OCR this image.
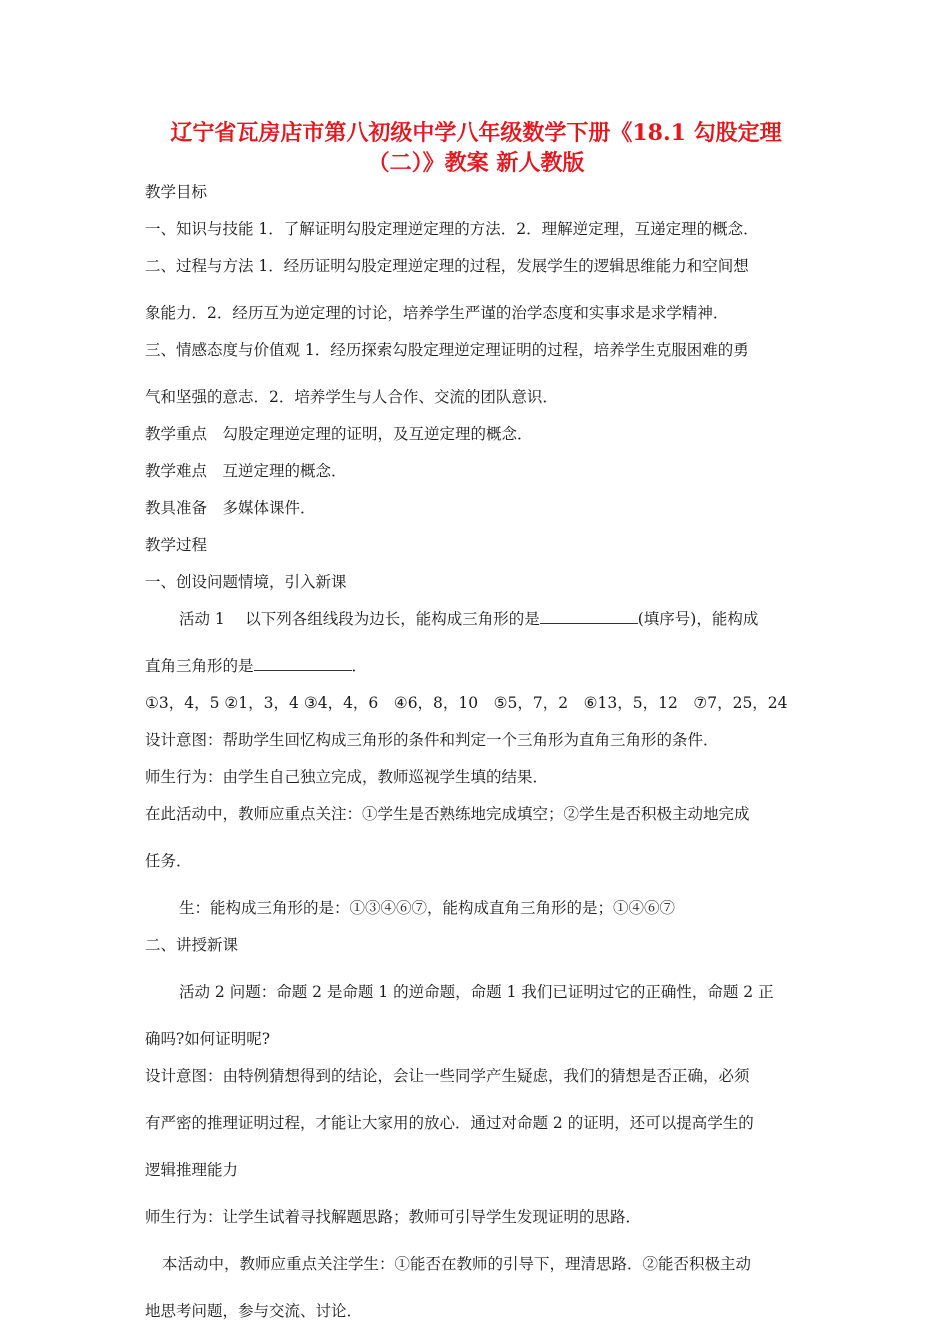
辽宁省瓦房店市第八初级中学八年级数学下册《18.1 勾股定理
（二）》教案 新人教版

教学目标

一、知识与技能 1．了解证明勾股定理逆定理的方法．2．理解逆定理，互递定理的概念．

二、过程与方法 1．经历证明勾股定理逆定理的过程，发展学生的逻辑思维能力和空间想

象能力．2．经历互为逆定理的讨论，培养学生严谨的治学态度和实事求是求学精神．

三、情感态度与价值观 1．经历探索勾股定理逆定理证明的过程，培养学生克服困难的勇

气和坚强的意志．2．培养学生与人合作、交流的团队意识．

教学重点　勾股定理逆定理的证明，及互逆定理的概念．

教学难点　互逆定理的概念．

教具准备　多媒体课件．

教学过程

一、创设问题情境，引入新课

活动 1　 以下列各组线段为边长，能构成三角形的是	(填序号)，能构成

直角三角形的是	．

①3，4，5 ②1，3，4 ③4，4，6　④6，8，10　⑤5，7，2　⑥13，5，12　⑦7，25，24

设计意图：帮助学生回忆构成三角形的条件和判定一个三角形为直角三角形的条件．

师生行为：由学生自己独立完成，教师巡视学生填的结果．

在此活动中，教师应重点关注：①学生是否熟练地完成填空；②学生是否积极主动地完成

任务．

生：能构成三角形的是：①③④⑥⑦，能构成直角三角形的是；①④⑥⑦

二、讲授新课

活动 2 问题：命题 2 是命题 1 的逆命题，命题 1 我们已证明过它的正确性，命题 2 正

确吗?如何证明呢?

设计意图：由特例猜想得到的结论，会让一些同学产生疑虑，我们的猜想是否正确，必须

有严密的推理证明过程，才能让大家用的放心．通过对命题 2 的证明，还可以提高学生的

逻辑推理能力

师生行为：让学生试着寻找解题思路；教师可引导学生发现证明的思路．

本活动中，教师应重点关注学生：①能否在教师的引导下，理清思路．②能否积极主动

地思考问题，参与交流、讨论．
